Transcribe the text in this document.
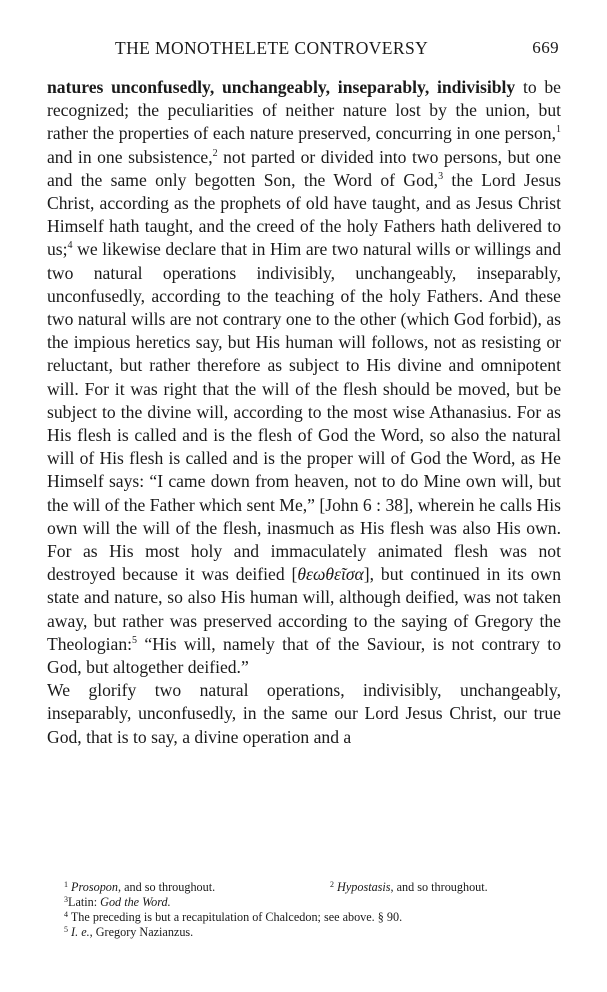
THE MONOTHELETE CONTROVERSY	669

natures unconfusedly, unchangeably, inseparably, indivisibly to be recognized; the peculiarities of neither nature lost by the union, but rather the properties of each nature preserved, concurring in one person,$^1$ and in one subsistence,$^2$ not parted or divided into two persons, but one and the same only begotten Son, the Word of God,$^3$ the Lord Jesus Christ, according as the prophets of old have taught, and as Jesus Christ Himself hath taught, and the creed of the holy Fathers hath delivered to us;$^4$ we likewise declare that in Him are two natural wills or willings and two natural operations indivisibly, unchangeably, inseparably, unconfusedly, according to the teaching of the holy Fathers. And these two natural wills are not contrary one to the other (which God forbid), as the impious heretics say, but His human will follows, not as resisting or reluctant, but rather therefore as subject to His divine and omnipotent will. For it was right that the will of the flesh should be moved, but be subject to the divine will, according to the most wise Athanasius. For as His flesh is called and is the flesh of God the Word, so also the natural will of His flesh is called and is the proper will of God the Word, as He Himself says: “I came down from heaven, not to do Mine own will, but the will of the Father which sent Me,” [John 6 : 38], wherein he calls His own will the will of the flesh, inasmuch as His flesh was also His own. For as His most holy and immaculately animated flesh was not destroyed because it was deified [θεωθεῖσα], but continued in its own state and nature, so also His human will, although deified, was not taken away, but rather was preserved according to the saying of Gregory the Theologian:$^5$ “His will, namely that of the Saviour, is not contrary to God, but altogether deified.”

We glorify two natural operations, indivisibly, unchangeably, inseparably, unconfusedly, in the same our Lord Jesus Christ, our true God, that is to say, a divine operation and a

$^1$ Prosopon, and so throughout.	$^2$ Hypostasis, and so throughout.
$^3$Latin: God the Word.
$^4$ The preceding is but a recapitulation of Chalcedon; see above. § 90.
$^5$ I. e., Gregory Nazianzus.
